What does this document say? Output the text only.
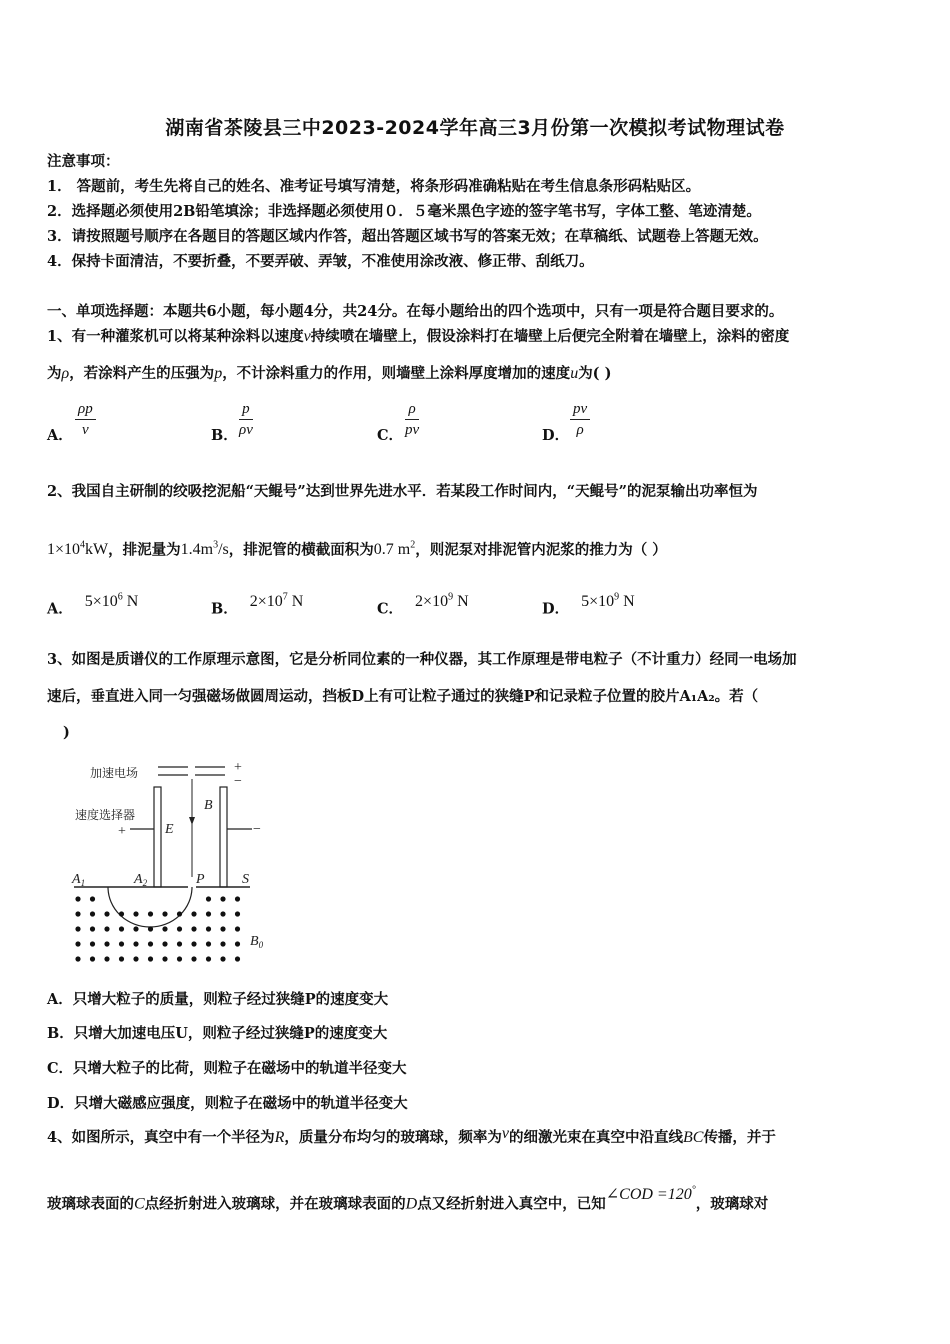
湖南省茶陵县三中2023-2024学年高三3月份第一次模拟考试物理试卷
注意事项：
1． 答题前，考生先将自己的姓名、准考证号填写清楚，将条形码准确粘贴在考生信息条形码粘贴区。
2．选择题必须使用2B铅笔填涂；非选择题必须使用０．５毫米黑色字迹的签字笔书写，字体工整、笔迹清楚。
3．请按照题号顺序在各题目的答题区域内作答，超出答题区域书写的答案无效；在草稿纸、试题卷上答题无效。
4．保持卡面清洁，不要折叠，不要弄破、弄皱，不准使用涂改液、修正带、刮纸刀。
一、单项选择题：本题共6小题，每小题4分，共24分。在每小题给出的四个选项中，只有一项是符合题目要求的。
1、有一种灌浆机可以将某种涂料以速度v持续喷在墙壁上，假设涂料打在墙壁上后便完全附着在墙壁上，涂料的密度
为ρ，若涂料产生的压强为p，不计涂料重力的作用，则墙壁上涂料厚度增加的速度u为( )
A．
ρp
v	B．
p
ρv	C．
ρ
pv	D．
pv
ρ
2、我国自主研制的绞吸挖泥船“天鲲号”达到世界先进水平．若某段工作时间内，“天鲲号”的泥泵输出功率恒为
$1\times 10^4kW$，排泥量为$1.4m^3/s$，排泥管的横截面积为0.7 $m^2$，则泥泵对排泥管内泥浆的推力为（ ）
A． $5\times 10^6$ N	B． $2\times 10^7$ N	C． $2\times 10^9$ N	D． $5\times 10^9$ N
3、如图是质谱仪的工作原理示意图，它是分析同位素的一种仪器，其工作原理是带电粒子（不计重力）经同一电场加
速后，垂直进入同一匀强磁场做圆周运动，挡板D上有可让粒子通过的狭缝P和记录粒子位置的胶片A₁A₂。若（
)
加速电场	+
−
速度选择器
+	E
B
−
$A_1$	$A_2$	P	S
$B_0$
A．只增大粒子的质量，则粒子经过狭缝P的速度变大
B．只增大加速电压U，则粒子经过狭缝P的速度变大
C．只增大粒子的比荷，则粒子在磁场中的轨道半径变大
D．只增大磁感应强度，则粒子在磁场中的轨道半径变大
4、如图所示，真空中有一个半径为R，质量分布均匀的玻璃球，频率为ν的细激光束在真空中沿直线BC传播，并于
玻璃球表面的C点经折射进入玻璃球，并在玻璃球表面的D点又经折射进入真空中，已知∠COD =120°，玻璃球对
